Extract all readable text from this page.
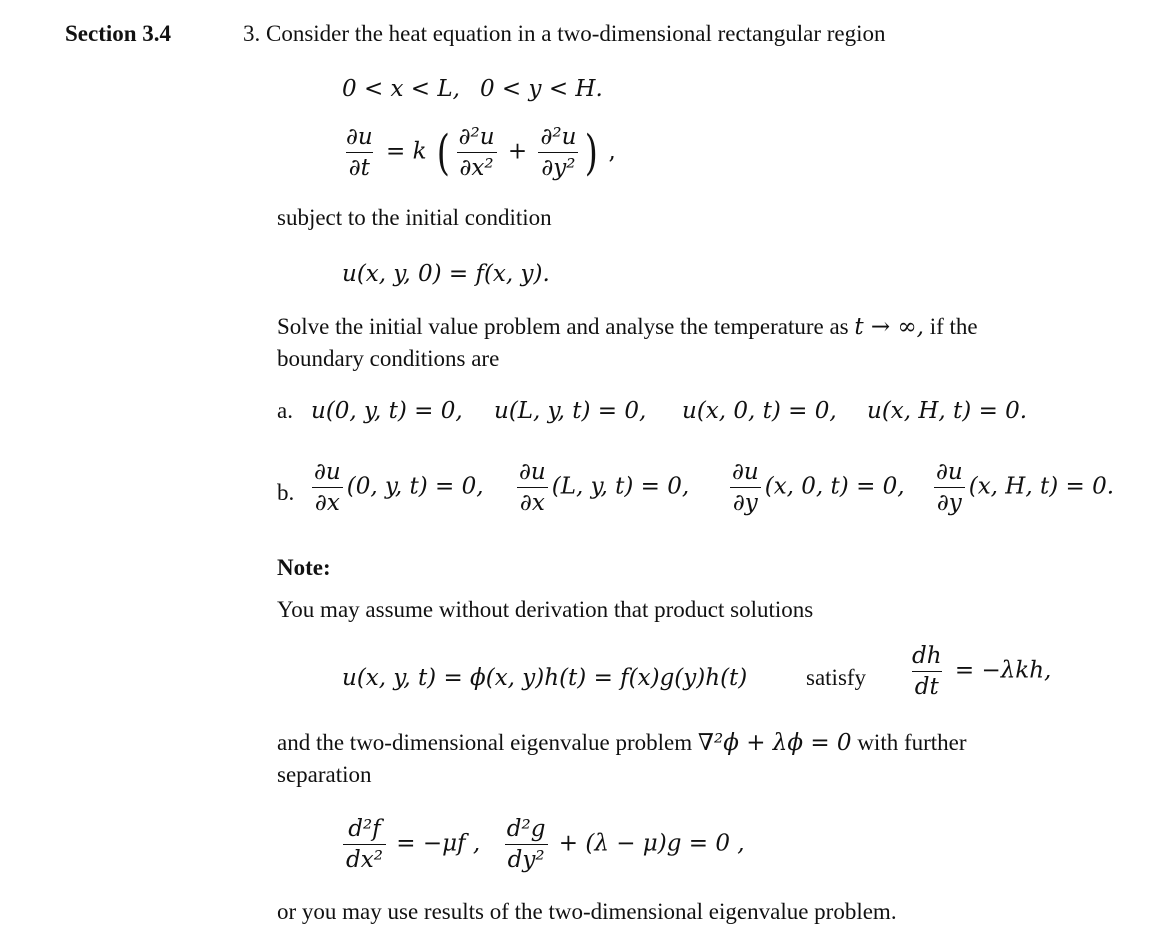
Section 3.4	3. Consider the heat equation in a two-dimensional rectangular region
0 < x < L, 0 < y < H.
$\frac{\partial u}{\partial t} = k$ ( $\frac{\text{∂²u}}{\text{∂x²}} + \frac{\text{∂²u}}{\text{∂y²}}$ ) ,
subject to the initial condition
u(x, y, 0) = f(x, y).
Solve the initial value problem and analyse the temperature as t → ∞, if the
boundary conditions are
a. u(0, y, t) = 0, u(L, y, t) = 0, u(x, 0, t) = 0, u(x, H, t) = 0.
b. $\frac{\partial u}{\partial x} (0$, y, t) = 0, $\frac{\partial u}{\partial x} (L$, y, t) = 0, $\frac{\partial u}{\partial y} (x$, 0, t) = 0, $\frac{\partial u}{\partial y} (x$, H, t) = 0.
Note:
You may assume without derivation that product solutions
u(x, y, t) = ϕ(x, y)h(t) = f(x)g(y)h(t)	satisfy $\frac{dh}{dt} = -\lambda kh$,
and the two-dimensional eigenvalue problem ∇²ϕ + λϕ = 0 with further
separation
$\frac{\text{d²f}}{\text{dx²}} = -\mu f$ , $\frac{\text{d²g}}{\text{dy²}} + (\lambda - \mu)g = 0$ ,
or you may use results of the two-dimensional eigenvalue problem.
